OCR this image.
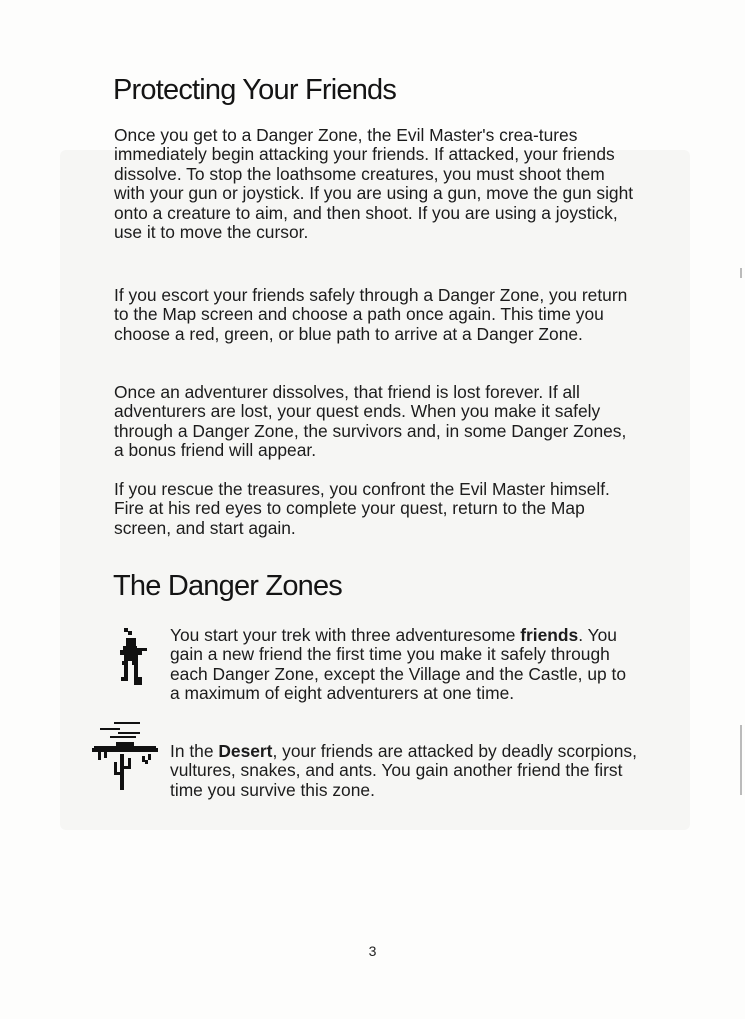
Protecting Your Friends

Once you get to a Danger Zone, the Evil Master's crea-tures immediately begin attacking your friends. If attacked, your friends dissolve. To stop the loathsome creatures, you must shoot them with your gun or joystick. If you are using a gun, move the gun sight onto a creature to aim, and then shoot. If you are using a joystick, use it to move the cursor.

If you escort your friends safely through a Danger Zone, you return to the Map screen and choose a path once again. This time you choose a red, green, or blue path to arrive at a Danger Zone.

Once an adventurer dissolves, that friend is lost forever. If all adventurers are lost, your quest ends. When you make it safely through a Danger Zone, the survivors and, in some Danger Zones, a bonus friend will appear.

If you rescue the treasures, you confront the Evil Master himself. Fire at his red eyes to complete your quest, return to the Map screen, and start again.

The Danger Zones

You start your trek with three adventuresome friends. You gain a new friend the first time you make it safely through each Danger Zone, except the Village and the Castle, up to a maximum of eight adventurers at one time.

In the Desert, your friends are attacked by deadly scorpions, vultures, snakes, and ants. You gain another friend the first time you survive this zone.

3
